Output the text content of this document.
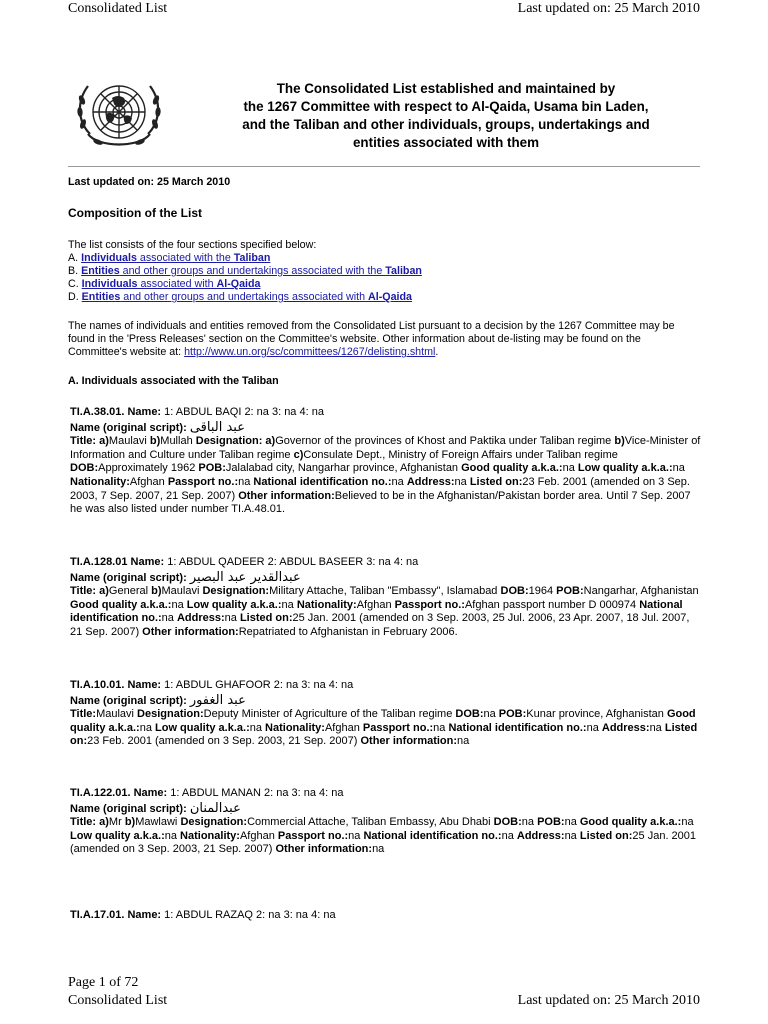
Consolidated List	Last updated on: 25 March 2010
The Consolidated List established and maintained by
the 1267 Committee with respect to Al-Qaida, Usama bin Laden,
and the Taliban and other individuals, groups, undertakings and
entities associated with them
Last updated on: 25 March 2010
Composition of the List
The list consists of the four sections specified below:
A. Individuals associated with the Taliban
B. Entities and other groups and undertakings associated with the Taliban
C. Individuals associated with Al-Qaida
D. Entities and other groups and undertakings associated with Al-Qaida
The names of individuals and entities removed from the Consolidated List pursuant to a decision by the 1267 Committee may be found in the 'Press Releases' section on the Committee's website. Other information about de-listing may be found on the Committee's website at: http://www.un.org/sc/committees/1267/delisting.shtml.
A. Individuals associated with the Taliban
TI.A.38.01. Name: 1: ABDUL BAQI 2: na 3: na 4: na
Name (original script): عبد الباقى
Title: a)Maulavi b)Mullah Designation: a)Governor of the provinces of Khost and Paktika under Taliban regime b)Vice-Minister of Information and Culture under Taliban regime c)Consulate Dept., Ministry of Foreign Affairs under Taliban regime DOB:Approximately 1962 POB:Jalalabad city, Nangarhar province, Afghanistan Good quality a.k.a.:na Low quality a.k.a.:na Nationality:Afghan Passport no.:na National identification no.:na Address:na Listed on:23 Feb. 2001 (amended on 3 Sep. 2003, 7 Sep. 2007, 21 Sep. 2007) Other information:Believed to be in the Afghanistan/Pakistan border area. Until 7 Sep. 2007 he was also listed under number TI.A.48.01.
TI.A.128.01 Name: 1: ABDUL QADEER 2: ABDUL BASEER 3: na 4: na
Name (original script): عبدالقدير عبد البصير
Title: a)General b)Maulavi Designation:Military Attache, Taliban "Embassy", Islamabad DOB:1964 POB:Nangarhar, Afghanistan Good quality a.k.a.:na Low quality a.k.a.:na Nationality:Afghan Passport no.:Afghan passport number D 000974 National identification no.:na Address:na Listed on:25 Jan. 2001 (amended on 3 Sep. 2003, 25 Jul. 2006, 23 Apr. 2007, 18 Jul. 2007, 21 Sep. 2007) Other information:Repatriated to Afghanistan in February 2006.
TI.A.10.01. Name: 1: ABDUL GHAFOOR 2: na 3: na 4: na
Name (original script): عبد الغفور
Title:Maulavi Designation:Deputy Minister of Agriculture of the Taliban regime DOB:na POB:Kunar province, Afghanistan Good quality a.k.a.:na Low quality a.k.a.:na Nationality:Afghan Passport no.:na National identification no.:na Address:na Listed on:23 Feb. 2001 (amended on 3 Sep. 2003, 21 Sep. 2007) Other information:na
TI.A.122.01. Name: 1: ABDUL MANAN 2: na 3: na 4: na
Name (original script): عبدالمنان
Title: a)Mr b)Mawlawi Designation:Commercial Attache, Taliban Embassy, Abu Dhabi DOB:na POB:na Good quality a.k.a.:na Low quality a.k.a.:na Nationality:Afghan Passport no.:na National identification no.:na Address:na Listed on:25 Jan. 2001 (amended on 3 Sep. 2003, 21 Sep. 2007) Other information:na
TI.A.17.01. Name: 1: ABDUL RAZAQ 2: na 3: na 4: na
Page 1 of 72
Consolidated List	Last updated on: 25 March 2010
